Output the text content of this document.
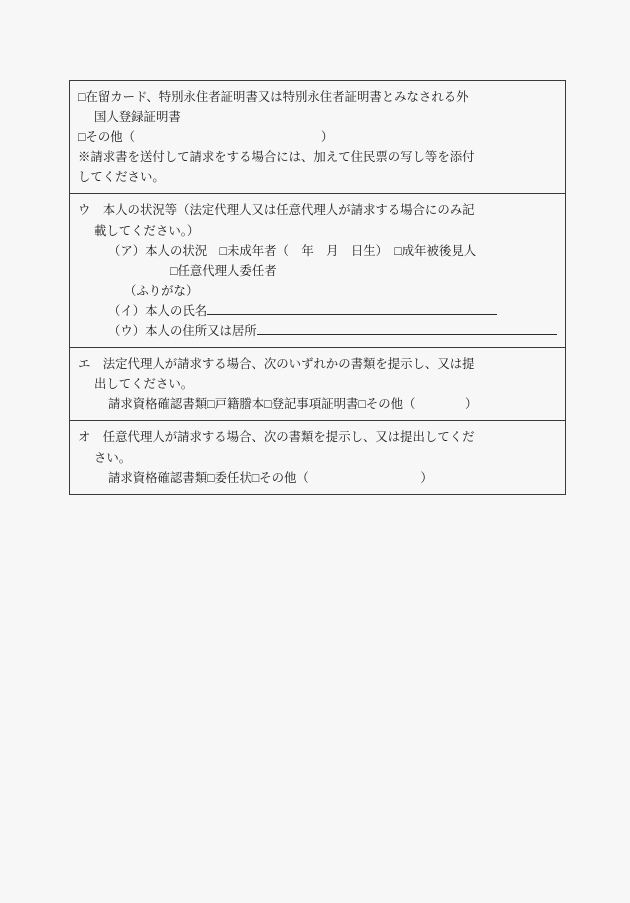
□在留カード、特別永住者証明書又は特別永住者証明書とみなされる外
国人登録証明書
□その他（　　　　　　　　　　　　　　　）
※請求書を送付して請求をする場合には、加えて住民票の写し等を添付
してください。

ウ　本人の状況等（法定代理人又は任意代理人が請求する場合にのみ記
載してください。）
（ア）本人の状況　□未成年者（　年　月　日生）　□成年被後見人
□任意代理人委任者
（ふりがな）
（イ）本人の氏名
（ウ）本人の住所又は居所

エ　法定代理人が請求する場合、次のいずれかの書類を提示し、又は提
出してください。
請求資格確認書類□戸籍謄本□登記事項証明書□その他（　　　　）

オ　任意代理人が請求する場合、次の書類を提示し、又は提出してくだ
さい。
請求資格確認書類□委任状□その他（　　　　　　　　　）
